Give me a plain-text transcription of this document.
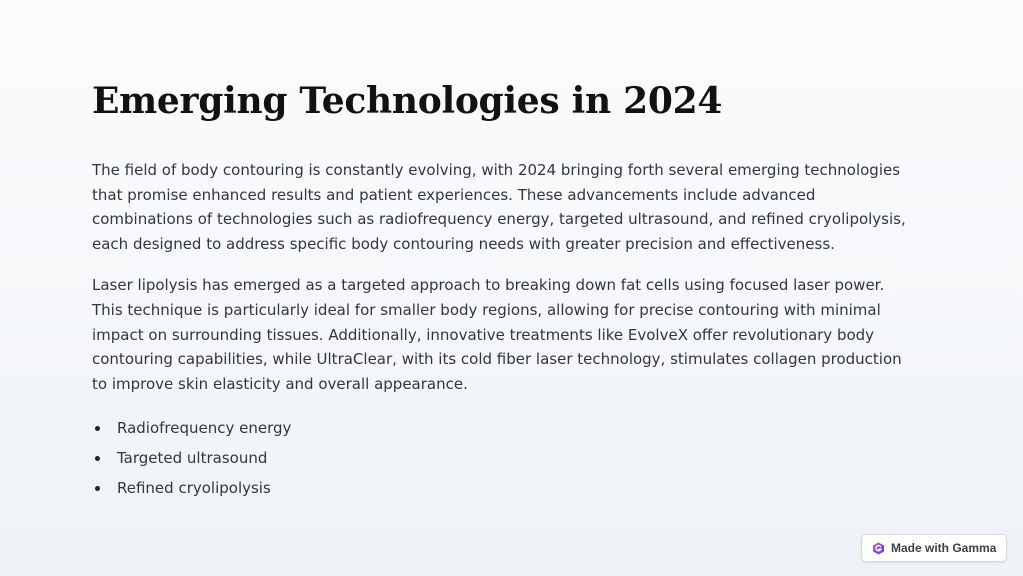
Emerging Technologies in 2024

The field of body contouring is constantly evolving, with 2024 bringing forth several emerging technologies that promise enhanced results and patient experiences. These advancements include advanced combinations of technologies such as radiofrequency energy, targeted ultrasound, and refined cryolipolysis, each designed to address specific body contouring needs with greater precision and effectiveness.

Laser lipolysis has emerged as a targeted approach to breaking down fat cells using focused laser power. This technique is particularly ideal for smaller body regions, allowing for precise contouring with minimal impact on surrounding tissues. Additionally, innovative treatments like EvolveX offer revolutionary body contouring capabilities, while UltraClear, with its cold fiber laser technology, stimulates collagen production to improve skin elasticity and overall appearance.

Radiofrequency energy
Targeted ultrasound
Refined cryolipolysis
Made with Gamma
